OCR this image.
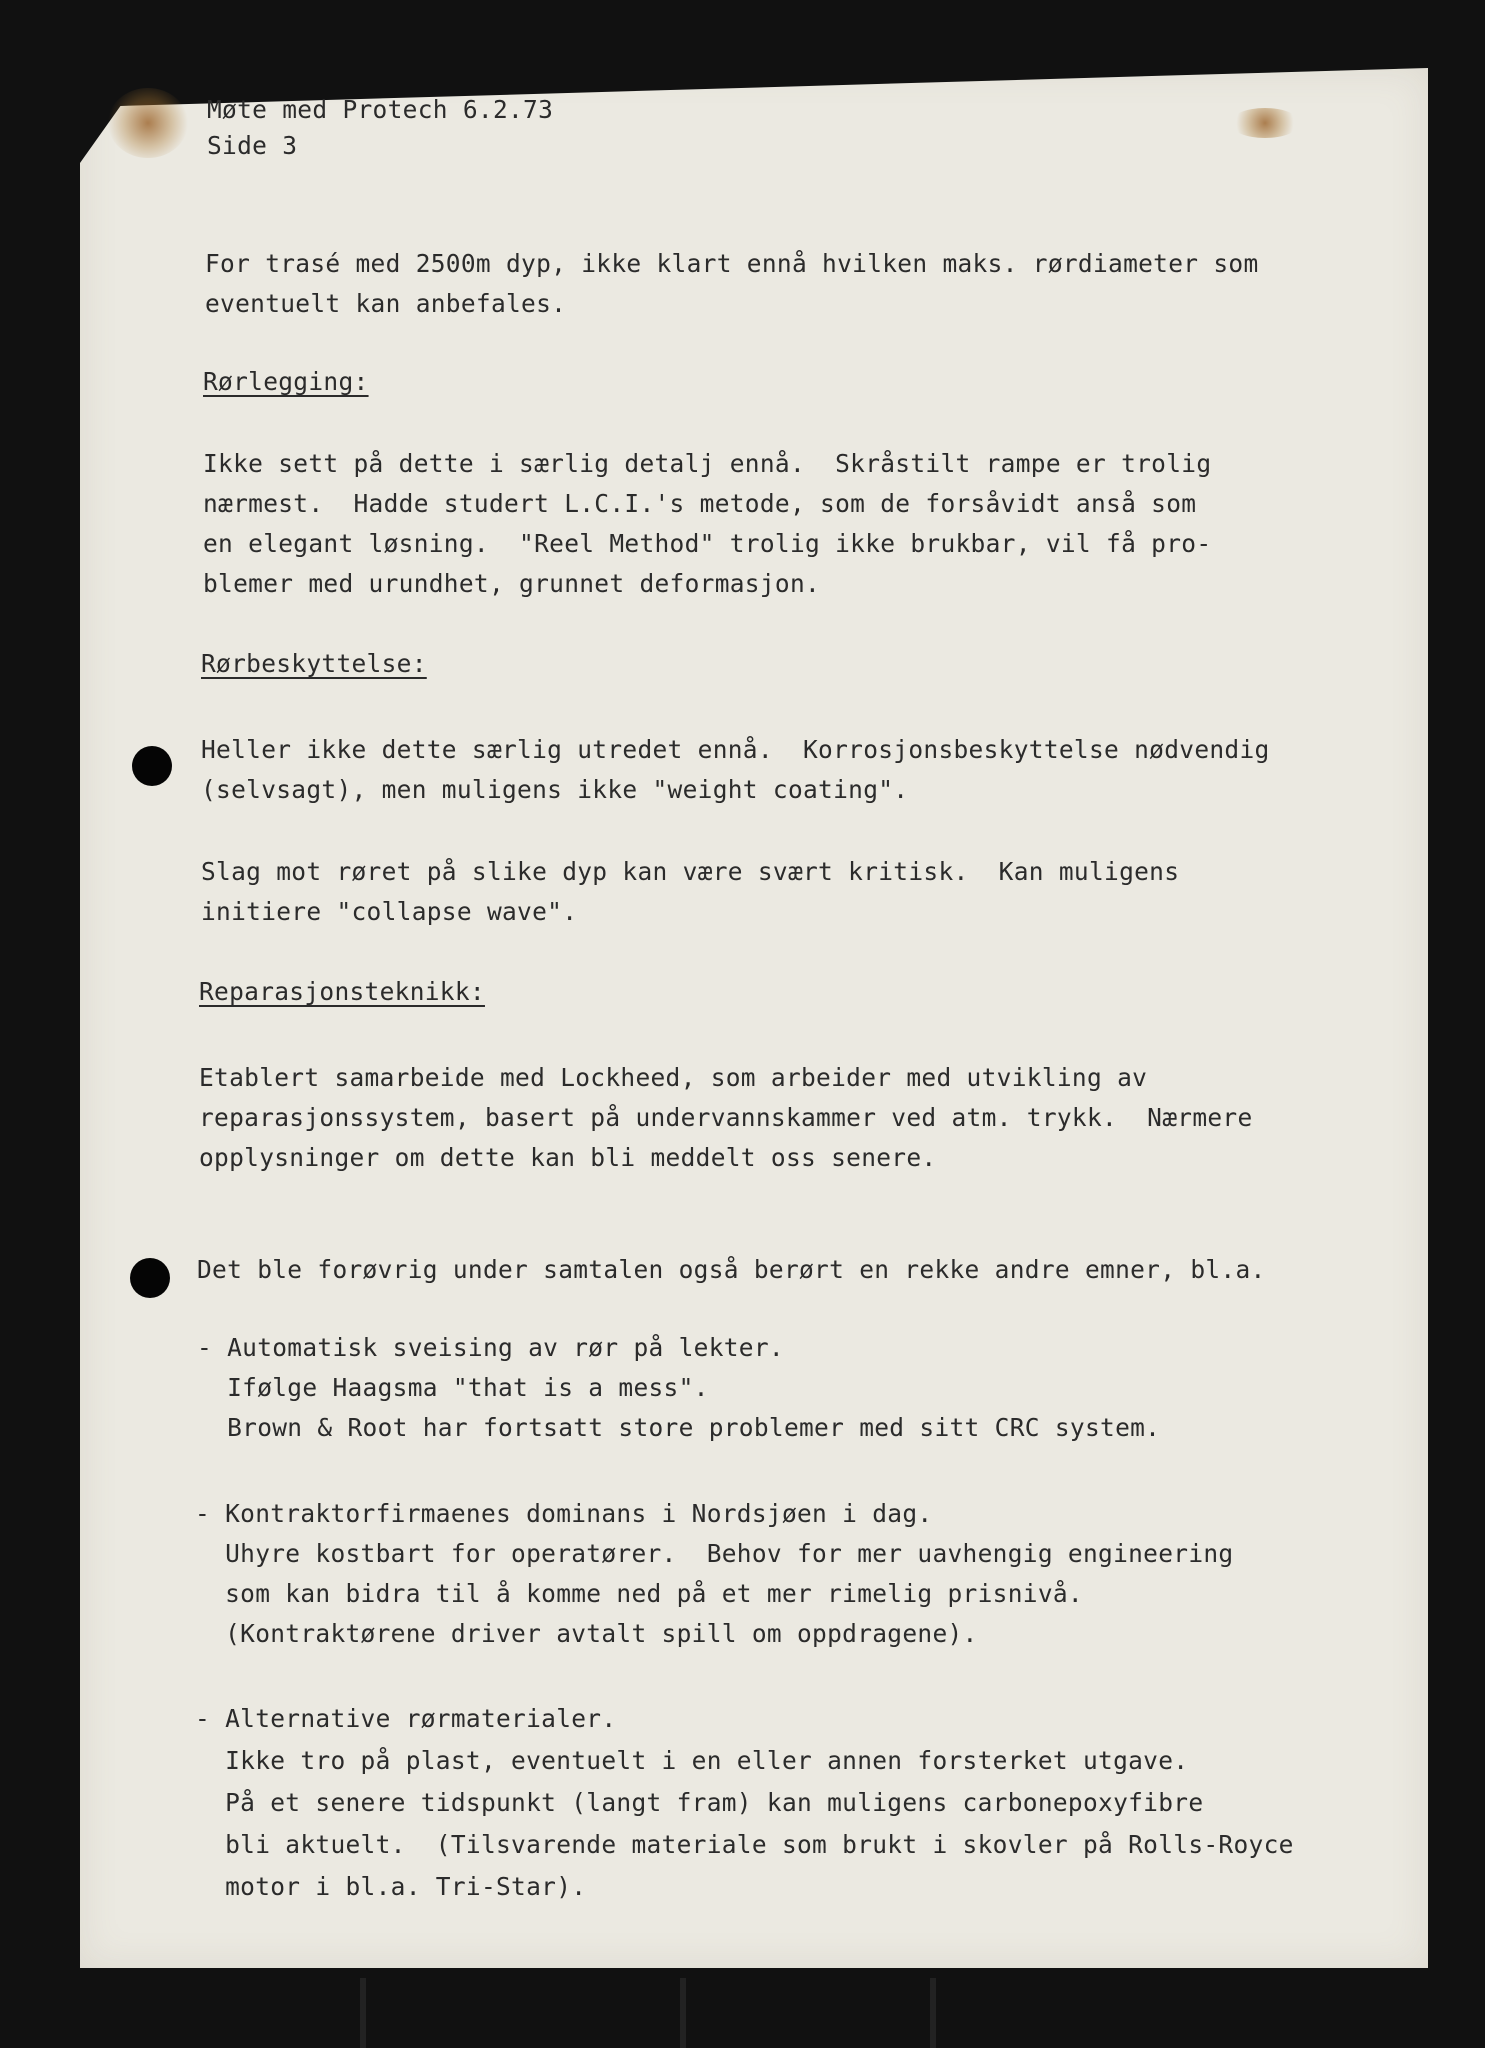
Møte med Protech 6.2.73

Side 3

For trasé med 2500m dyp, ikke klart ennå hvilken maks. rørdiameter som
eventuelt kan anbefales.

Rørlegging:

Ikke sett på dette i særlig detalj ennå.  Skråstilt rampe er trolig
nærmest.  Hadde studert L.C.I.'s metode, som de forsåvidt anså som
en elegant løsning.  "Reel Method" trolig ikke brukbar, vil få pro-
blemer med urundhet, grunnet deformasjon.

Rørbeskyttelse:

Heller ikke dette særlig utredet ennå.  Korrosjonsbeskyttelse nødvendig
(selvsagt), men muligens ikke "weight coating".

Slag mot røret på slike dyp kan være svært kritisk.  Kan muligens
initiere "collapse wave".

Reparasjonsteknikk:

Etablert samarbeide med Lockheed, som arbeider med utvikling av
reparasjonssystem, basert på undervannskammer ved atm. trykk.  Nærmere
opplysninger om dette kan bli meddelt oss senere.

Det ble forøvrig under samtalen også berørt en rekke andre emner, bl.a.

- Automatisk sveising av rør på lekter.
Ifølge Haagsma "that is a mess".
Brown & Root har fortsatt store problemer med sitt CRC system.

- Kontraktorfirmaenes dominans i Nordsjøen i dag.
Uhyre kostbart for operatører.  Behov for mer uavhengig engineering
som kan bidra til å komme ned på et mer rimelig prisnivå.
(Kontraktørene driver avtalt spill om oppdragene).

- Alternative rørmaterialer.
Ikke tro på plast, eventuelt i en eller annen forsterket utgave.
På et senere tidspunkt (langt fram) kan muligens carbonepoxyfibre
bli aktuelt.  (Tilsvarende materiale som brukt i skovler på Rolls-Royce
motor i bl.a. Tri-Star).
